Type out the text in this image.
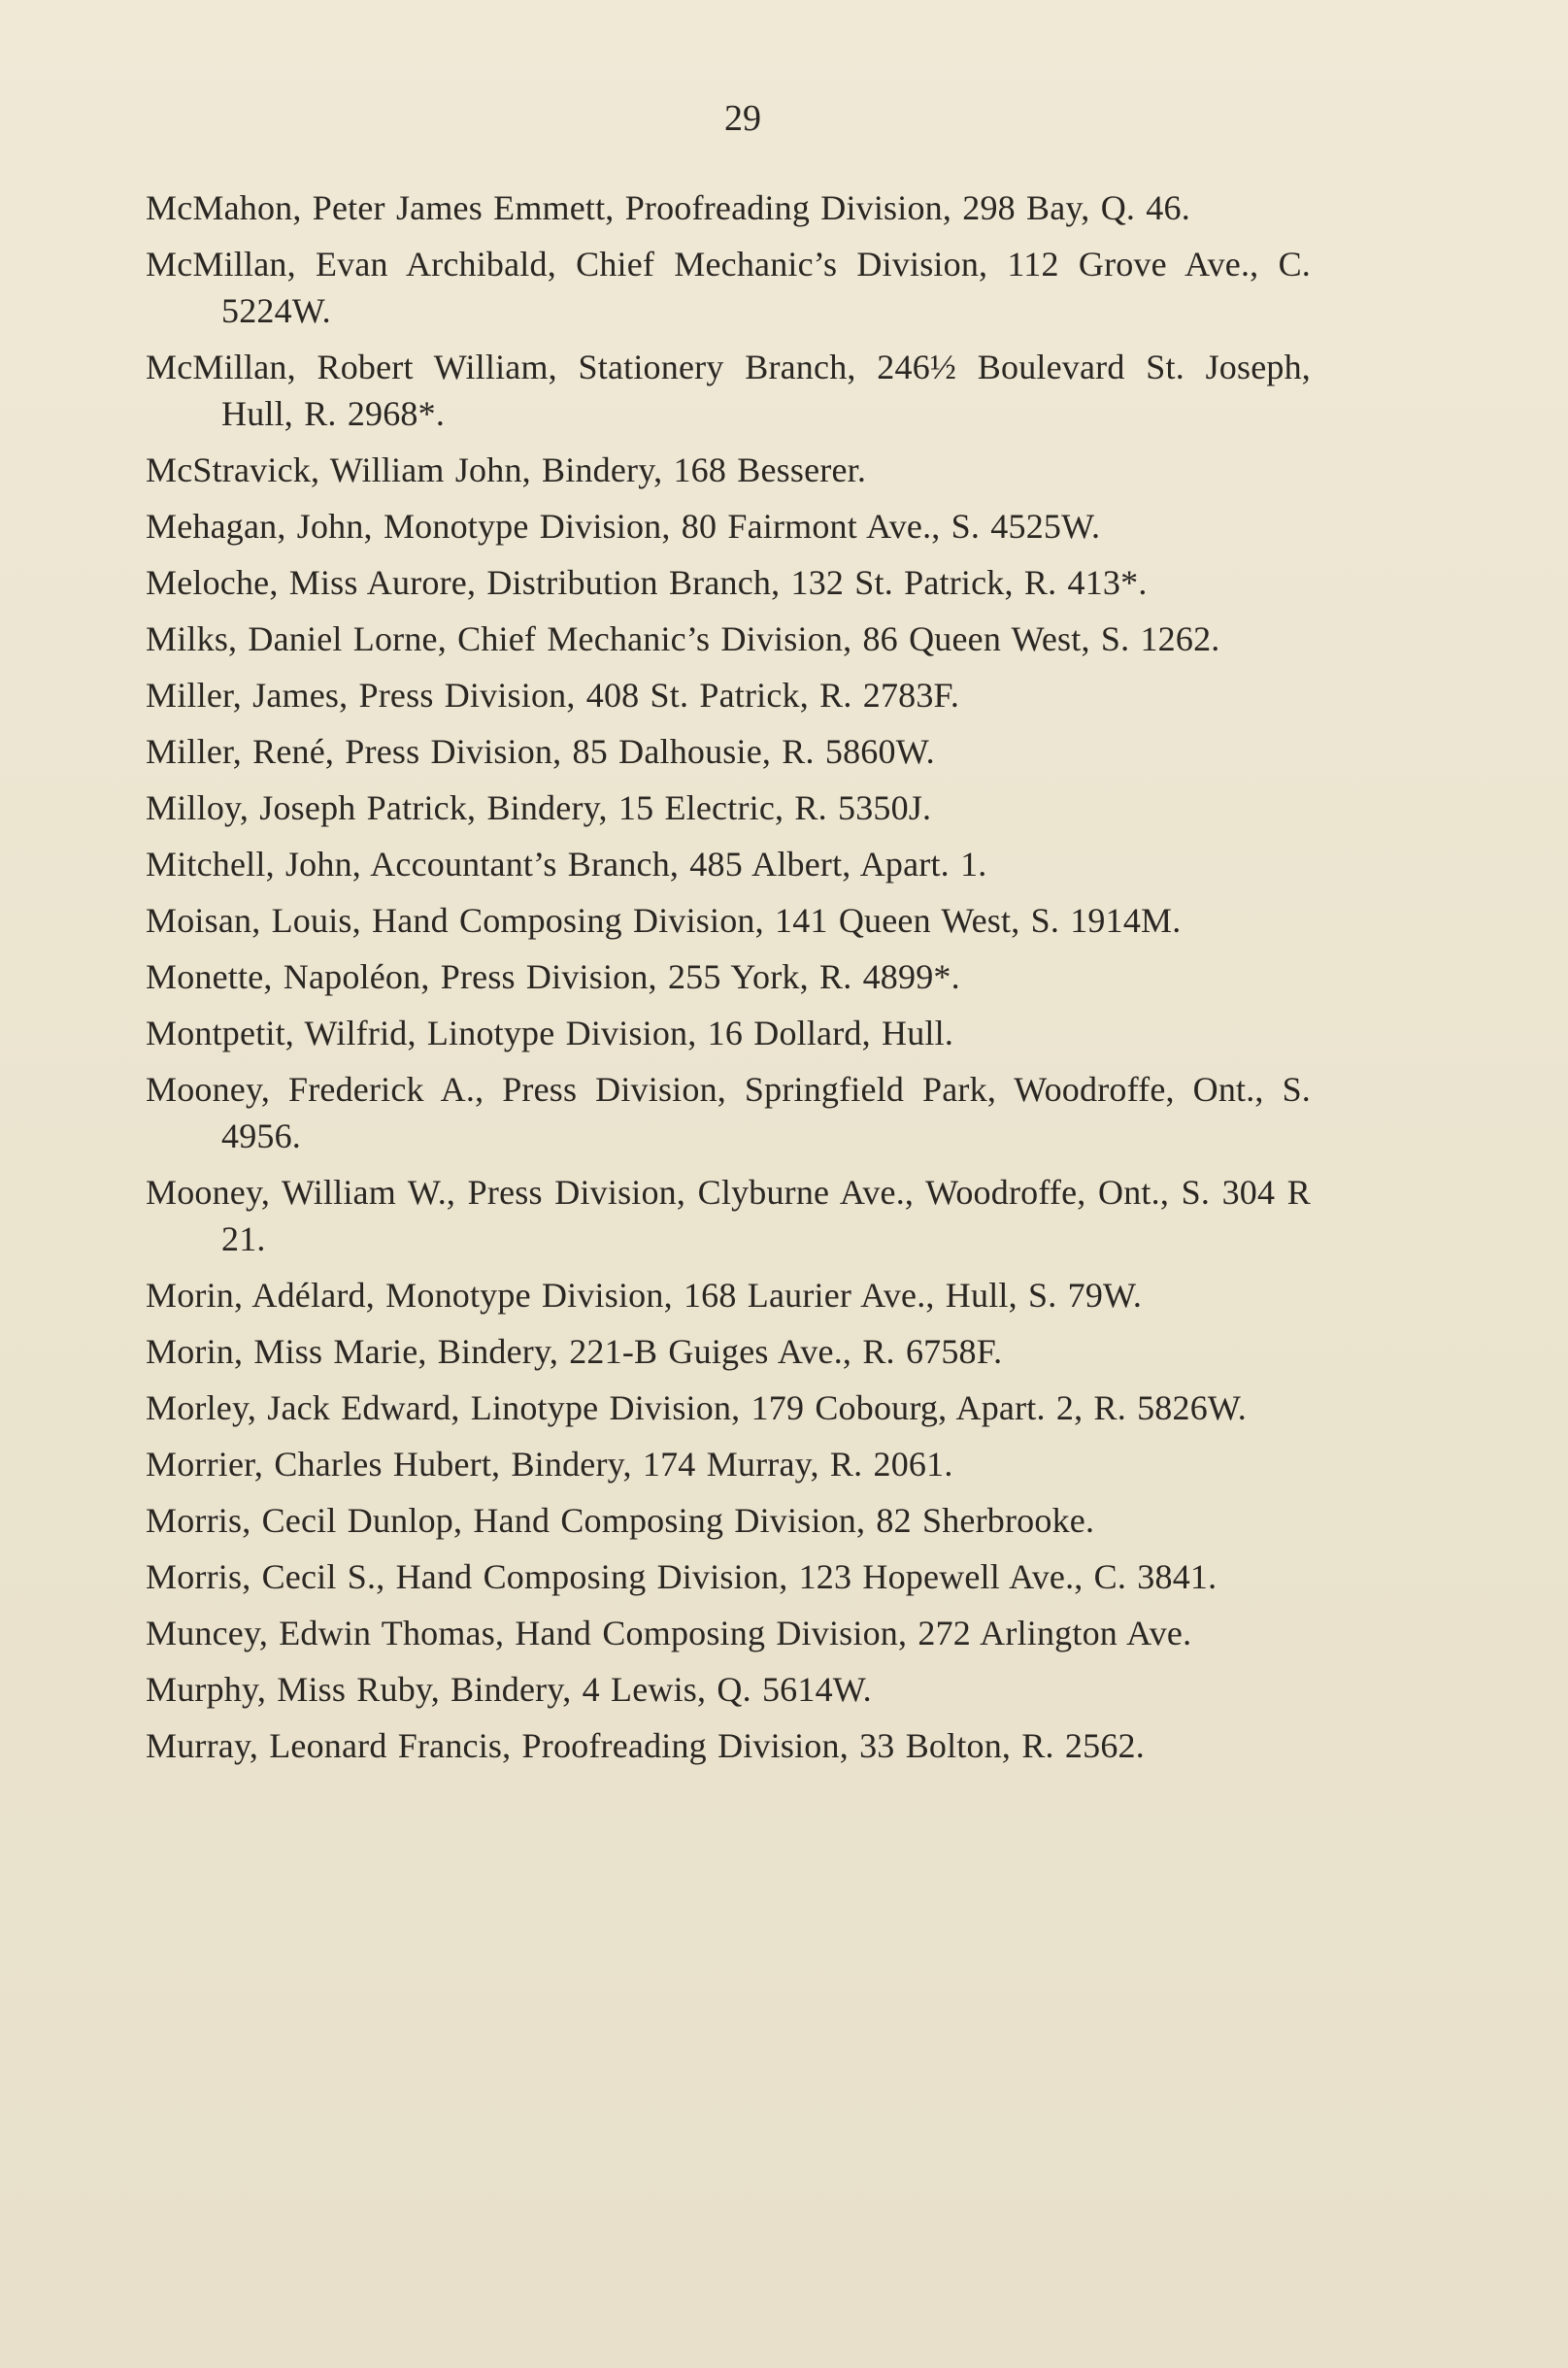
29
McMahon, Peter James Emmett, Proofreading Division, 298 Bay, Q. 46.
McMillan, Evan Archibald, Chief Mechanic’s Division, 112 Grove Ave., C. 5224W.
McMillan, Robert William, Stationery Branch, 246½ Boulevard St. Joseph, Hull, R. 2968*.
McStravick, William John, Bindery, 168 Besserer.
Mehagan, John, Monotype Division, 80 Fairmont Ave., S. 4525W.
Meloche, Miss Aurore, Distribution Branch, 132 St. Patrick, R. 413*.
Milks, Daniel Lorne, Chief Mechanic’s Division, 86 Queen West, S. 1262.
Miller, James, Press Division, 408 St. Patrick, R. 2783F.
Miller, René, Press Division, 85 Dalhousie, R. 5860W.
Milloy, Joseph Patrick, Bindery, 15 Electric, R. 5350J.
Mitchell, John, Accountant’s Branch, 485 Albert, Apart. 1.
Moisan, Louis, Hand Composing Division, 141 Queen West, S. 1914M.
Monette, Napoléon, Press Division, 255 York, R. 4899*.
Montpetit, Wilfrid, Linotype Division, 16 Dollard, Hull.
Mooney, Frederick A., Press Division, Springfield Park, Woodroffe, Ont., S. 4956.
Mooney, William W., Press Division, Clyburne Ave., Woodroffe, Ont., S. 304 R 21.
Morin, Adélard, Monotype Division, 168 Laurier Ave., Hull, S. 79W.
Morin, Miss Marie, Bindery, 221-B Guiges Ave., R. 6758F.
Morley, Jack Edward, Linotype Division, 179 Cobourg, Apart. 2, R. 5826W.
Morrier, Charles Hubert, Bindery, 174 Murray, R. 2061.
Morris, Cecil Dunlop, Hand Composing Division, 82 Sherbrooke.
Morris, Cecil S., Hand Composing Division, 123 Hopewell Ave., C. 3841.
Muncey, Edwin Thomas, Hand Composing Division, 272 Arlington Ave.
Murphy, Miss Ruby, Bindery, 4 Lewis, Q. 5614W.
Murray, Leonard Francis, Proofreading Division, 33 Bolton, R. 2562.
